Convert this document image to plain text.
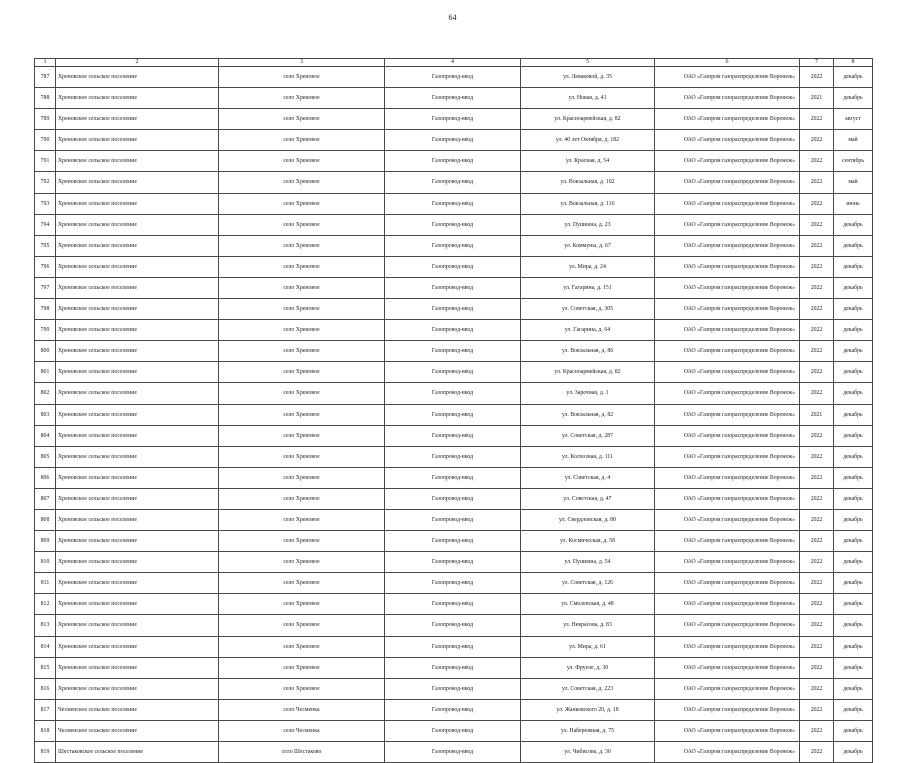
64
1	2	3	4	5	6	7	8
787	Хреновское сельское поселение	село Хреновое	Газопровод-ввод	ул. Леваковой, д. 35	ОАО «Газпром газораспределение Воронеж»	2022	декабрь
788	Хреновское сельское поселение	село Хреновое	Газопровод-ввод	ул. Новая, д. 41	ОАО «Газпром газораспределение Воронеж»	2021	декабрь
789	Хреновское сельское поселение	село Хреновое	Газопровод-ввод	ул. Красноармейская, д. 82	ОАО «Газпром газораспределение Воронеж»	2022	август
790	Хреновское сельское поселение	село Хреновое	Газопровод-ввод	ул. 40 лет Октября, д. 182	ОАО «Газпром газораспределение Воронеж»	2022	май
791	Хреновское сельское поселение	село Хреновое	Газопровод-ввод	ул. Красная, д. 54	ОАО «Газпром газораспределение Воронеж»	2022	сентябрь
792	Хреновское сельское поселение	село Хреновое	Газопровод-ввод	ул. Вокзальная, д. 102	ОАО «Газпром газораспределение Воронеж»	2022	май
793	Хреновское сельское поселение	село Хреновое	Газопровод-ввод	ул. Вокзальная, д. 116	ОАО «Газпром газораспределение Воронеж»	2022	июнь
794	Хреновское сельское поселение	село Хреновое	Газопровод-ввод	ул. Пушкина, д. 23	ОАО «Газпром газораспределение Воронеж»	2022	декабрь
795	Хреновское сельское поселение	село Хреновое	Газопровод-ввод	ул. Коммуны, д. 67	ОАО «Газпром газораспределение Воронеж»	2022	декабрь
796	Хреновское сельское поселение	село Хреновое	Газопровод-ввод	ул. Мира, д. 24	ОАО «Газпром газораспределение Воронеж»	2022	декабрь
797	Хреновское сельское поселение	село Хреновое	Газопровод-ввод	ул. Гагарина, д. 151	ОАО «Газпром газораспределение Воронеж»	2022	декабрь
798	Хреновское сельское поселение	село Хреновое	Газопровод-ввод	ул. Советская, д. 305	ОАО «Газпром газораспределение Воронеж»	2022	декабрь
799	Хреновское сельское поселение	село Хреновое	Газопровод-ввод	ул. Гагарина, д. 64	ОАО «Газпром газораспределение Воронеж»	2022	декабрь
800	Хреновское сельское поселение	село Хреновое	Газопровод-ввод	ул. Вокзальная, д. 86	ОАО «Газпром газораспределение Воронеж»	2022	декабрь
801	Хреновское сельское поселение	село Хреновое	Газопровод-ввод	ул. Красноармейская, д. 82	ОАО «Газпром газораспределение Воронеж»	2022	декабрь
802	Хреновское сельское поселение	село Хреновое	Газопровод-ввод	ул. Заречная, д. 1	ОАО «Газпром газораспределение Воронеж»	2022	декабрь
803	Хреновское сельское поселение	село Хреновое	Газопровод-ввод	ул. Вокзальная, д. 82	ОАО «Газпром газораспределение Воронеж»	2021	декабрь
804	Хреновское сельское поселение	село Хреновое	Газопровод-ввод	ул. Советская, д. 287	ОАО «Газпром газораспределение Воронеж»	2022	декабрь
805	Хреновское сельское поселение	село Хреновое	Газопровод-ввод	ул. Колхозная, д. 111	ОАО «Газпром газораспределение Воронеж»	2022	декабрь
806	Хреновское сельское поселение	село Хреновое	Газопровод-ввод	ул. Советская, д. 4	ОАО «Газпром газораспределение Воронеж»	2022	декабрь
807	Хреновское сельское поселение	село Хреновое	Газопровод-ввод	ул. Советская, д. 47	ОАО «Газпром газораспределение Воронеж»	2022	декабрь
808	Хреновское сельское поселение	село Хреновое	Газопровод-ввод	ул. Свердловская, д. 80	ОАО «Газпром газораспределение Воронеж»	2022	декабрь
809	Хреновское сельское поселение	село Хреновое	Газопровод-ввод	ул. Космическая, д. 58	ОАО «Газпром газораспределение Воронеж»	2022	декабрь
810	Хреновское сельское поселение	село Хреновое	Газопровод-ввод	ул. Пушкина, д. 54	ОАО «Газпром газораспределение Воронеж»	2022	декабрь
811	Хреновское сельское поселение	село Хреновое	Газопровод-ввод	ул. Советская, д. 126	ОАО «Газпром газораспределение Воронеж»	2022	декабрь
812	Хреновское сельское поселение	село Хреновое	Газопровод-ввод	ул. Смоленская, д. 48	ОАО «Газпром газораспределение Воронеж»	2022	декабрь
813	Хреновское сельское поселение	село Хреновое	Газопровод-ввод	ул. Некрасова, д. 83	ОАО «Газпром газораспределение Воронеж»	2022	декабрь
814	Хреновское сельское поселение	село Хреновое	Газопровод-ввод	ул. Мира, д. 61	ОАО «Газпром газораспределение Воронеж»	2022	декабрь
815	Хреновское сельское поселение	село Хреновое	Газопровод-ввод	ул. Фрунзе, д. 30	ОАО «Газпром газораспределение Воронеж»	2022	декабрь
816	Хреновское сельское поселение	село Хреновое	Газопровод-ввод	ул. Советская, д. 223	ОАО «Газпром газораспределение Воронеж»	2022	декабрь
817	Чесменское сельское поселение	село Чесменка	Газопровод-ввод	ул. Жанковского 20, д. 18	ОАО «Газпром газораспределение Воронеж»	2022	декабрь
818	Чесменское сельское поселение	село Чесменка	Газопровод-ввод	ул. Набережная, д. 75	ОАО «Газпром газораспределение Воронеж»	2022	декабрь
819	Шестаковское сельское поселение	село Шестаково	Газопровод-ввод	ул. Чибисова, д. 30	ОАО «Газпром газораспределение Воронеж»	2022	декабрь
